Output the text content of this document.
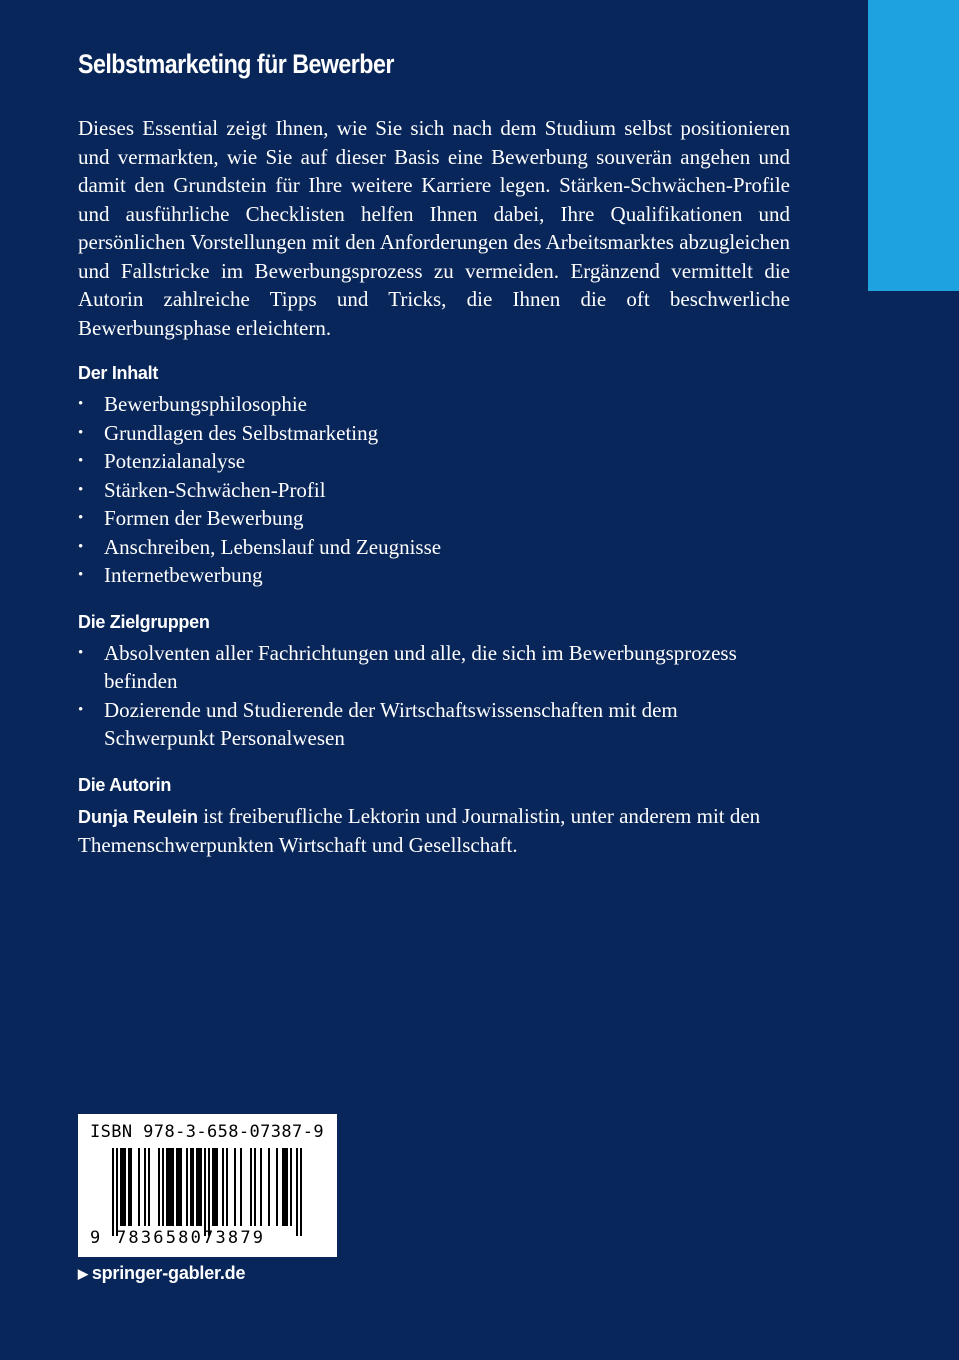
Selbstmarketing für Bewerber

Dieses Essential zeigt Ihnen, wie Sie sich nach dem Studium selbst positionieren und vermarkten, wie Sie auf dieser Basis eine Bewerbung souverän angehen und damit den Grundstein für Ihre weitere Karriere legen. Stärken-Schwächen-Profile und ausführliche Checklisten helfen Ihnen dabei, Ihre Qualifikationen und persönlichen Vorstellungen mit den Anforderungen des Arbeitsmarktes abzugleichen und Fallstricke im Bewerbungsprozess zu vermeiden. Ergänzend vermittelt die Autorin zahlreiche Tipps und Tricks, die Ihnen die oft beschwerliche Bewerbungsphase erleichtern.

Der Inhalt
• Bewerbungsphilosophie
• Grundlagen des Selbstmarketing
• Potenzialanalyse
• Stärken-Schwächen-Profil
• Formen der Bewerbung
• Anschreiben, Lebenslauf und Zeugnisse
• Internetbewerbung
Die Zielgruppen
• Absolventen aller Fachrichtungen und alle, die sich im Bewerbungsprozess befinden
• Dozierende und Studierende der Wirtschaftswissenschaften mit dem Schwerpunkt Personalwesen
Die Autorin

Dunja Reulein ist freiberufliche Lektorin und Journalistin, unter anderem mit den Themenschwerpunkten Wirtschaft und Gesellschaft.

ISBN 978-3-658-07387-9
9 783658073879
▶ springer-gabler.de
